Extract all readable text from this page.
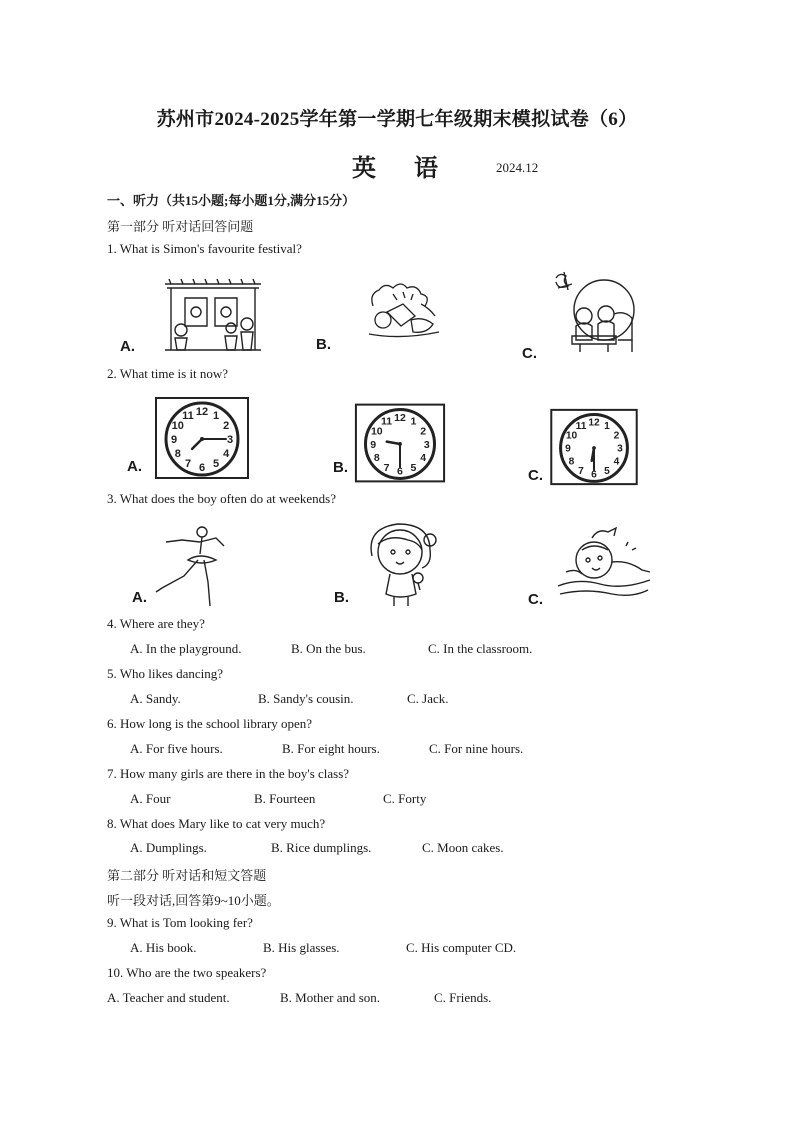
苏州市2024-2025学年第一学期七年级期末模拟试卷（6）
英 语	2024.12
一、听力（共15小题;每小题1分,满分15分）
第一部分 听对话回答问题
1. What is Simon's favourite festival?
A.	B.
C.
2. What time is it now?
A.	B.	C.
1
2
3
4
5
6
7
8
9
10
11 12
1
2
3
4
5
6
7
8
9
10
11 12
1
2
3
4
5
6
7
8
9
10
11 12
3. What does the boy often do at weekends?
A.	B.	C.
4. Where are they?
A. In the playground.	B. On the bus.	C. In the classroom.
5. Who likes dancing?
A. Sandy.	B. Sandy's cousin.	C. Jack.
6. How long is the school library open?
A. For five hours.	B. For eight hours.	C. For nine hours.
7. How many girls are there in the boy's class?
A. Four	B. Fourteen	C. Forty
8. What does Mary like to cat very much?
A. Dumplings.	B. Rice dumplings.	C. Moon cakes.
第二部分 听对话和短文答题
听一段对话,回答第9~10小题。
9. What is Tom looking fer?
A. His book.	B. His glasses.	C. His computer CD.
10. Who are the two speakers?
A. Teacher and student.	B. Mother and son.	C. Friends.
